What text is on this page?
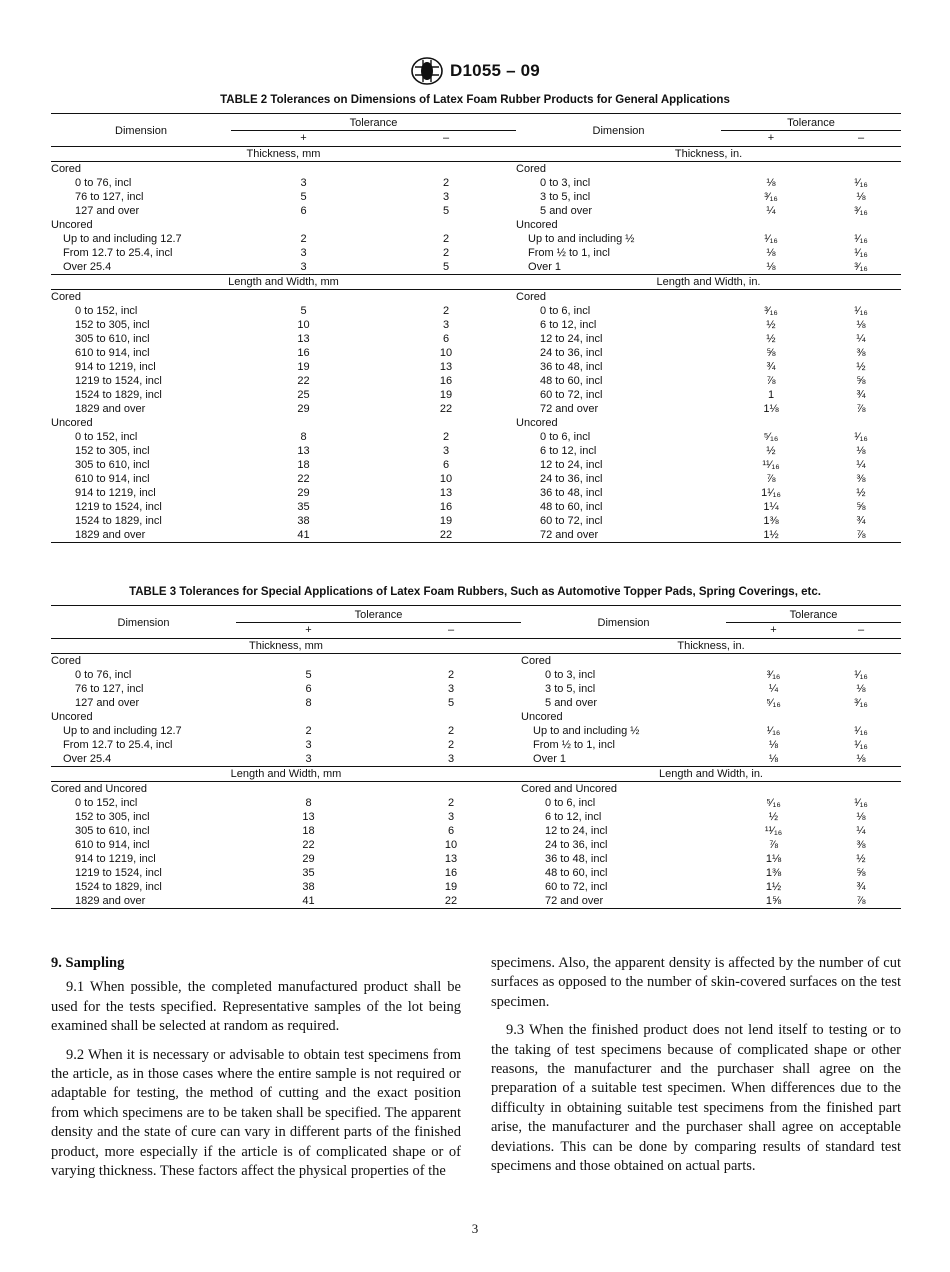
D1055 – 09
TABLE 2 Tolerances on Dimensions of Latex Foam Rubber Products for General Applications
Dimension	Tolerance		Dimension	Tolerance	
	+	–		+	–
Thickness, mm			Thickness, in.		
Cored			Cored		
0 to 76, incl	3	2	0 to 3, incl	⅛	¹⁄₁₆
76 to 127, incl	5	3	3 to 5, incl	³⁄₁₆	⅛
127 and over	6	5	5 and over	¼	³⁄₁₆
Uncored			Uncored		
Up to and including 12.7	2	2	Up to and including ½	¹⁄₁₆	¹⁄₁₆
From 12.7 to 25.4, incl	3	2	From ½ to 1, incl	⅛	¹⁄₁₆
Over 25.4	3	5	Over 1	⅛	³⁄₁₆
Length and Width, mm			Length and Width, in.		
Cored			Cored		
0 to 152, incl	5	2	0 to 6, incl	³⁄₁₆	¹⁄₁₆
152 to 305, incl	10	3	6 to 12, incl	½	⅛
305 to 610, incl	13	6	12 to 24, incl	½	¼
610 to 914, incl	16	10	24 to 36, incl	⅝	⅜
914 to 1219, incl	19	13	36 to 48, incl	¾	½
1219 to 1524, incl	22	16	48 to 60, incl	⅞	⅝
1524 to 1829, incl	25	19	60 to 72, incl	1	¾
1829 and over	29	22	72 and over	1⅛	⅞
Uncored			Uncored		
0 to 152, incl	8	2	0 to 6, incl	⁵⁄₁₆	¹⁄₁₆
152 to 305, incl	13	3	6 to 12, incl	½	⅛
305 to 610, incl	18	6	12 to 24, incl	¹¹⁄₁₆	¼
610 to 914, incl	22	10	24 to 36, incl	⅞	⅜
914 to 1219, incl	29	13	36 to 48, incl	1¹⁄₁₆	½
1219 to 1524, incl	35	16	48 to 60, incl	1¼	⅝
1524 to 1829, incl	38	19	60 to 72, incl	1⅜	¾
1829 and over	41	22	72 and over	1½	⅞
TABLE 3 Tolerances for Special Applications of Latex Foam Rubbers, Such as Automotive Topper Pads, Spring Coverings, etc.
Dimension	Tolerance		Dimension	Tolerance	
	+	–		+	–
Thickness, mm			Thickness, in.		
Cored			Cored		
0 to 76, incl	5	2	0 to 3, incl	³⁄₁₆	¹⁄₁₆
76 to 127, incl	6	3	3 to 5, incl	¼	⅛
127 and over	8	5	5 and over	⁵⁄₁₆	³⁄₁₆
Uncored			Uncored		
Up to and including 12.7	2	2	Up to and including ½	¹⁄₁₆	¹⁄₁₆
From 12.7 to 25.4, incl	3	2	From ½ to 1, incl	⅛	¹⁄₁₆
Over 25.4	3	3	Over 1	⅛	⅛
Length and Width, mm			Length and Width, in.		
Cored and Uncored			Cored and Uncored		
0 to 152, incl	8	2	0 to 6, incl	⁵⁄₁₆	¹⁄₁₆
152 to 305, incl	13	3	6 to 12, incl	½	⅛
305 to 610, incl	18	6	12 to 24, incl	¹¹⁄₁₆	¼
610 to 914, incl	22	10	24 to 36, incl	⅞	⅜
914 to 1219, incl	29	13	36 to 48, incl	1⅛	½
1219 to 1524, incl	35	16	48 to 60, incl	1⅜	⅝
1524 to 1829, incl	38	19	60 to 72, incl	1½	¾
1829 and over	41	22	72 and over	1⅝	⅞
9. Sampling

9.1 When possible, the completed manufactured product shall be used for the tests specified. Representative samples of the lot being examined shall be selected at random as required.

9.2 When it is necessary or advisable to obtain test specimens from the article, as in those cases where the entire sample is not required or adaptable for testing, the method of cutting and the exact position from which specimens are to be taken shall be specified. The apparent density and the state of cure can vary in different parts of the finished product, more especially if the article is of complicated shape or of varying thickness. These factors affect the physical properties of the

specimens. Also, the apparent density is affected by the number of cut surfaces as opposed to the number of skin-covered surfaces on the test specimen.

9.3 When the finished product does not lend itself to testing or to the taking of test specimens because of complicated shape or other reasons, the manufacturer and the purchaser shall agree on the preparation of a suitable test specimen. When differences due to the difficulty in obtaining suitable test specimens from the finished part arise, the manufacturer and the purchaser shall agree on acceptable deviations. This can be done by comparing results of standard test specimens and those obtained on actual parts.

3
